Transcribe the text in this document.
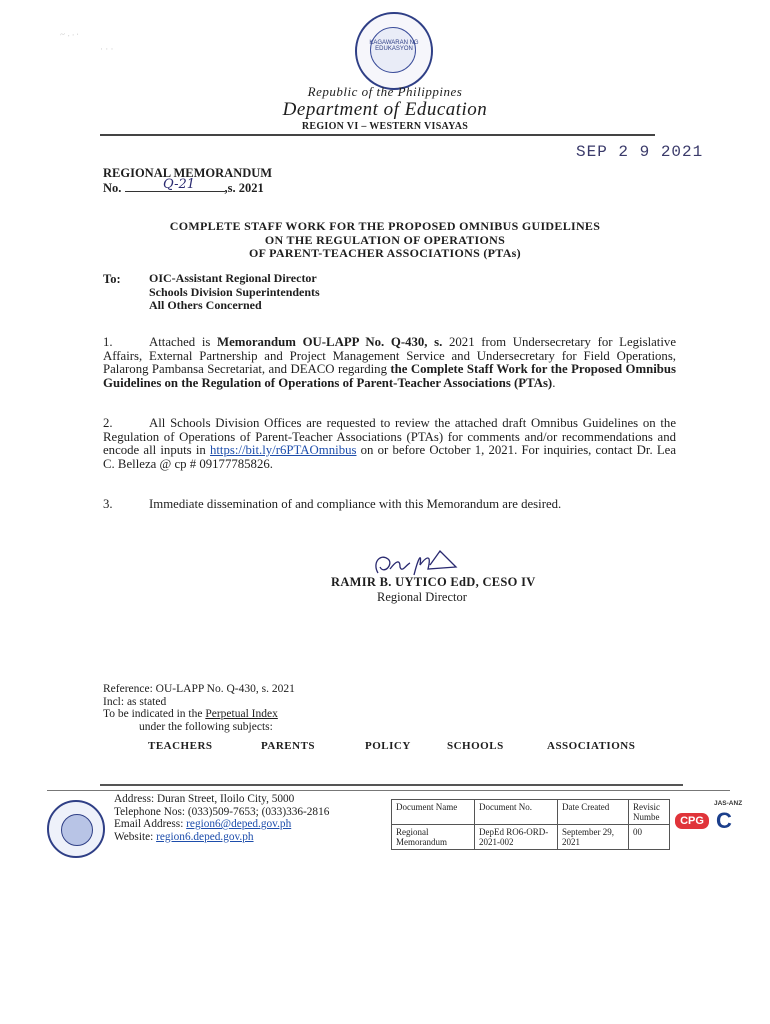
~ . . .
· · ·
KAGAWARAN NG EDUKASYON
Republic of the Philippines
Department of Education
REGION VI – WESTERN VISAYAS
SEP 2 9 2021
REGIONAL MEMORANDUM
No.	,s. 2021
Q-21
COMPLETE STAFF WORK FOR THE PROPOSED OMNIBUS GUIDELINES
ON THE REGULATION OF OPERATIONS
OF PARENT-TEACHER ASSOCIATIONS (PTAs)
To: OIC-Assistant Regional Director
Schools Division Superintendents
All Others Concerned
1.	Attached is Memorandum OU-LAPP No. Q-430, s. 2021 from Undersecretary for Legislative Affairs, External Partnership and Project Management Service and Undersecretary for Field Operations, Palarong Pambansa Secretariat, and DEACO regarding the Complete Staff Work for the Proposed Omnibus Guidelines on the Regulation of Operations of Parent-Teacher Associations (PTAs).
2.	All Schools Division Offices are requested to review the attached draft Omnibus Guidelines on the Regulation of Operations of Parent-Teacher Associations (PTAs) for comments and/or recommendations and encode all inputs in https://bit.ly/r6PTAOmnibus on or before October 1, 2021. For inquiries, contact Dr. Lea C. Belleza @ cp # 09177785826.
3.	Immediate dissemination of and compliance with this Memorandum are desired.
RAMIR B. UYTICO EdD, CESO IV
Regional Director
Reference: OU-LAPP No. Q-430, s. 2021
Incl: as stated
To be indicated in the Perpetual Index
under the following subjects:
TEACHERS	PARENTS	POLICY	SCHOOLS	ASSOCIATIONS
Address: Duran Street, Iloilo City, 5000
Telephone Nos: (033)509-7653; (033)336-2816
Email Address: region6@deped.gov.ph
Website: region6.deped.gov.ph
Document Name	Document No.	Date Created	Revisic Numbe
Regional Memorandum	DepEd RO6-ORD-2021-002	September 29, 2021	00
CPG
JAS-ANZ
C
